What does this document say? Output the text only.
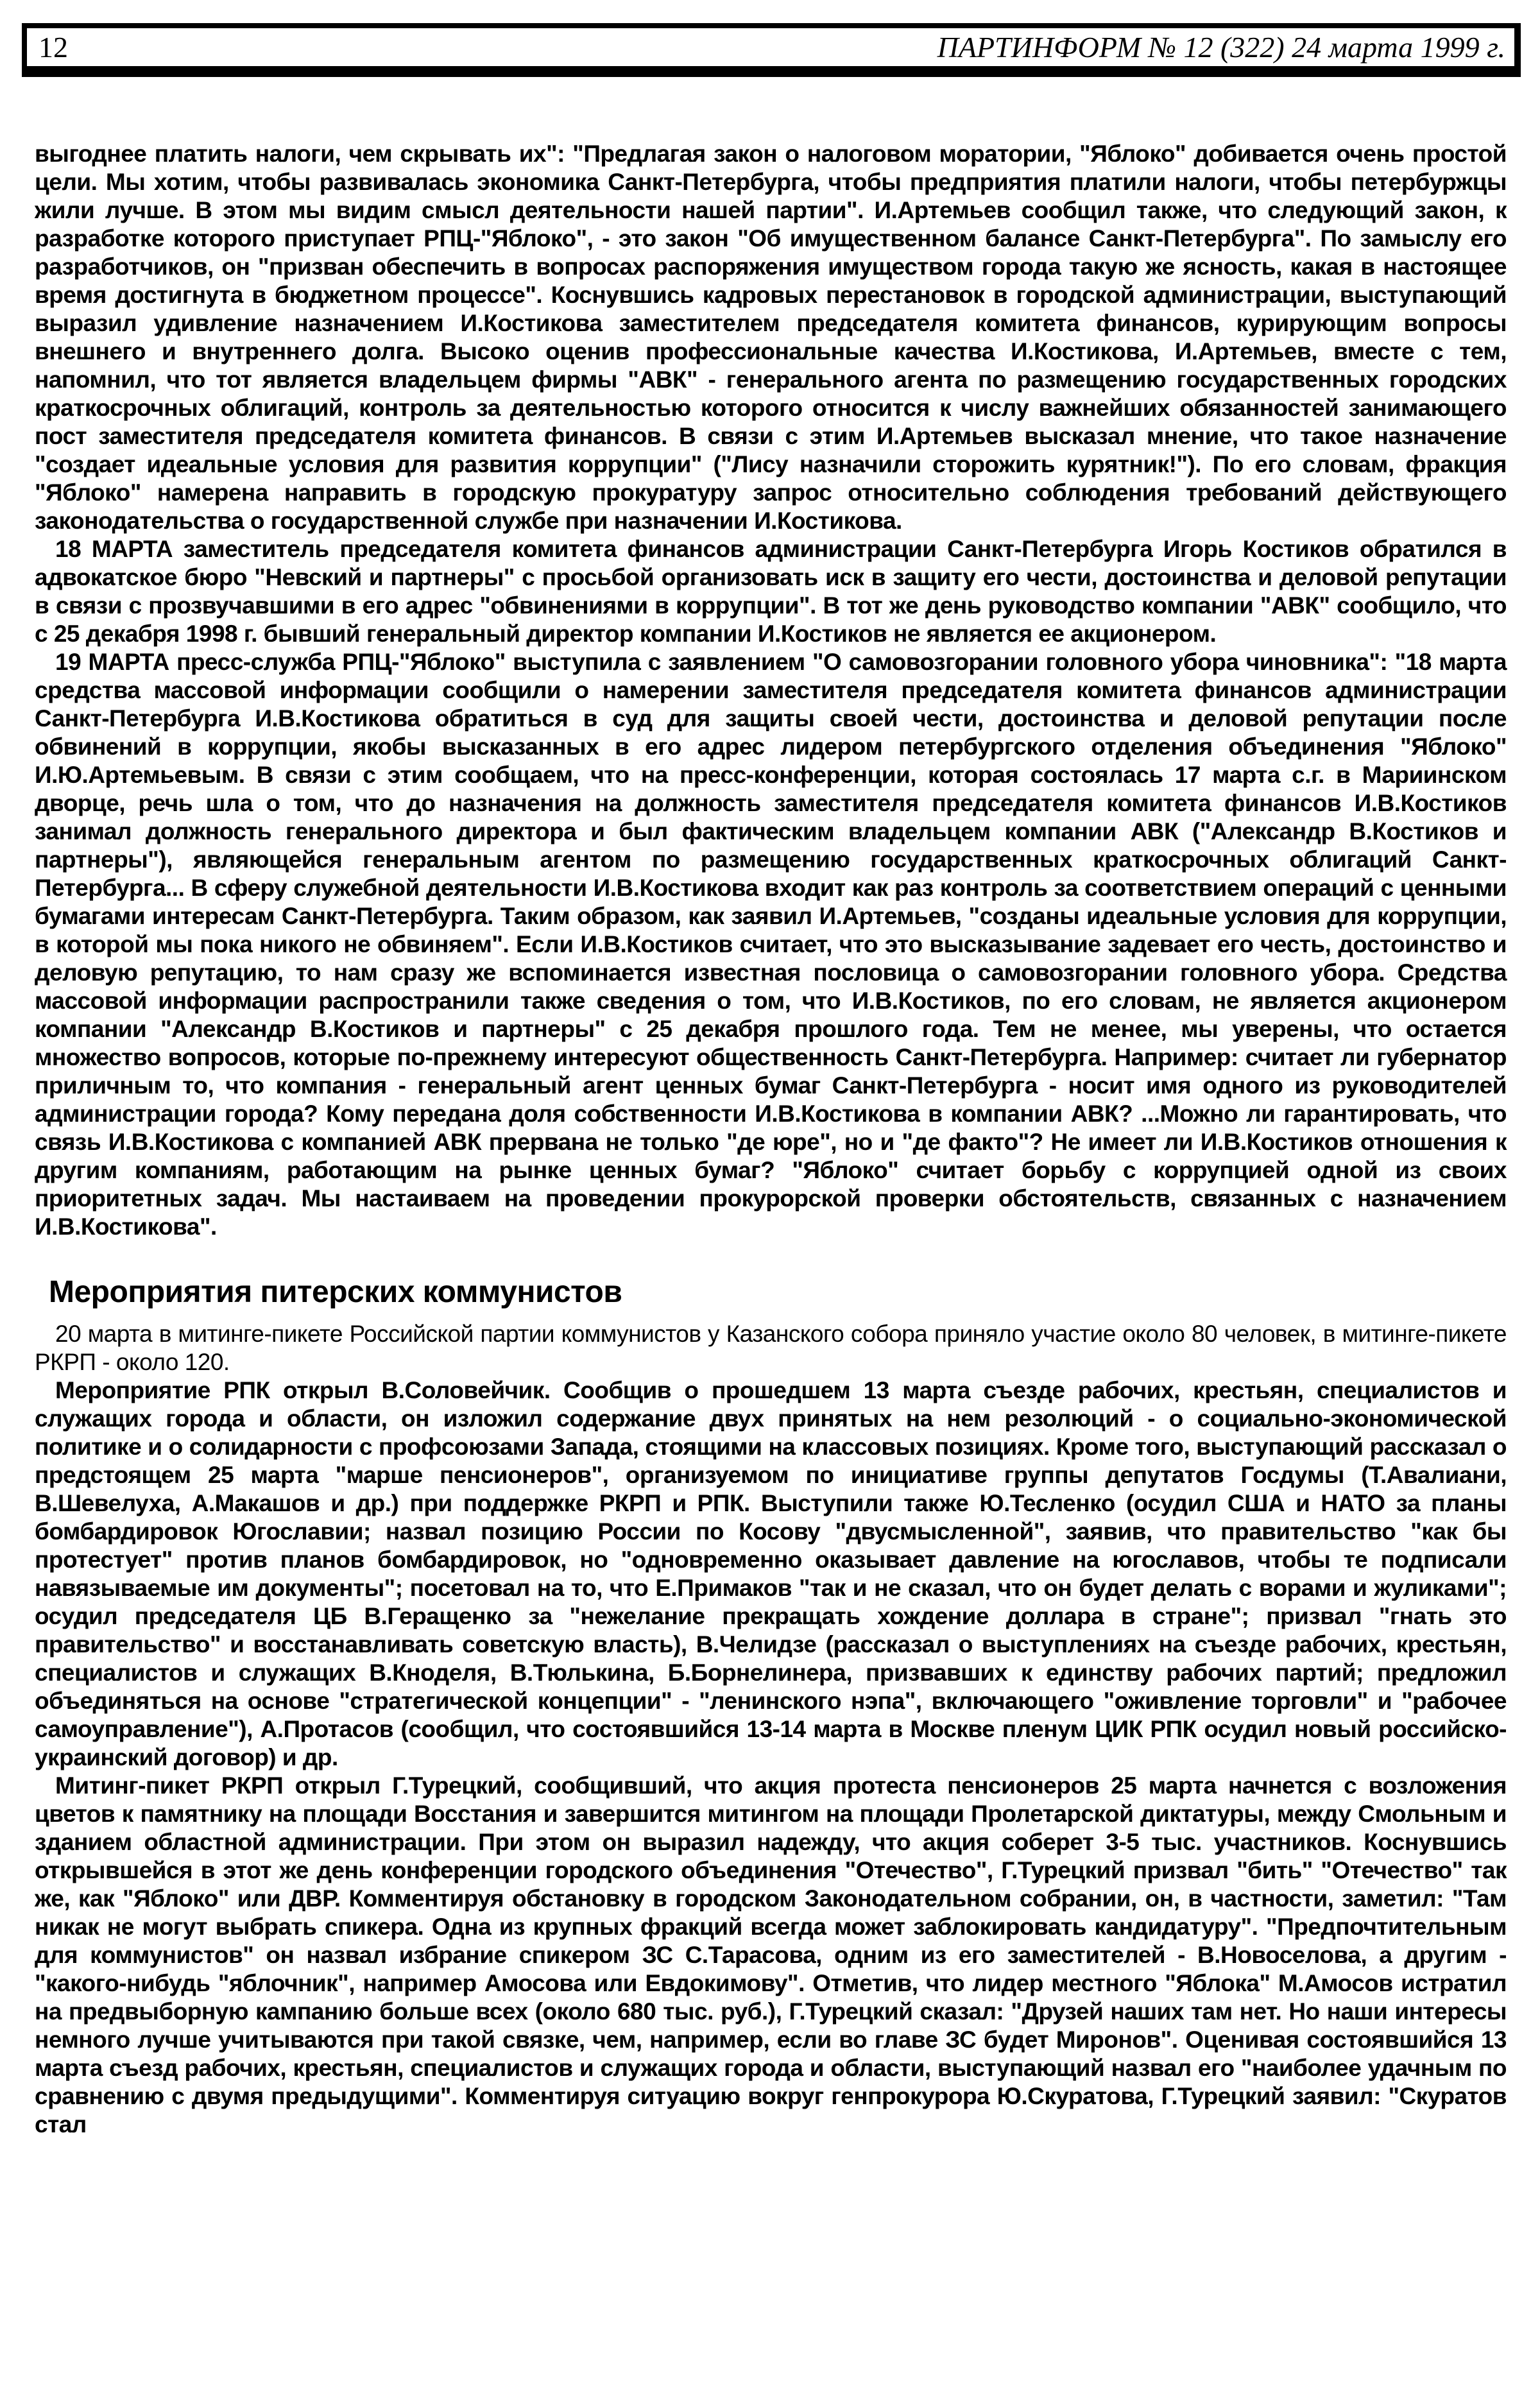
12	ПАРТИНФОРМ № 12 (322) 24 марта 1999 г.

выгоднее платить налоги, чем скрывать их": "Предлагая закон о налоговом моратории, "Яблоко" добивается очень простой цели. Мы хотим, чтобы развивалась экономика Санкт-Петербурга, чтобы предприятия платили налоги, чтобы петербуржцы жили лучше. В этом мы видим смысл деятельности нашей партии". И.Артемьев сообщил также, что следующий закон, к разработке которого приступает РПЦ-"Яблоко", - это закон "Об имущественном балансе Санкт-Петербурга". По замыслу его разработчиков, он "призван обеспечить в вопросах распоряжения имуществом города такую же ясность, какая в настоящее время достигнута в бюджетном процессе". Коснувшись кадровых перестановок в городской администрации, выступающий выразил удивление назначением И.Костикова заместителем председателя комитета финансов, курирующим вопросы внешнего и внутреннего долга. Высоко оценив профессиональные качества И.Костикова, И.Артемьев, вместе с тем, напомнил, что тот является владельцем фирмы "АВК" - генерального агента по размещению государственных городских краткосрочных облигаций, контроль за деятельностью которого относится к числу важнейших обязанностей занимающего пост заместителя председателя комитета финансов. В связи с этим И.Артемьев высказал мнение, что такое назначение "создает идеальные условия для развития коррупции" ("Лису назначили сторожить курятник!"). По его словам, фракция "Яблоко" намерена направить в городскую прокуратуру запрос относительно соблюдения требований действующего законодательства о государственной службе при назначении И.Костикова.

18 МАРТА заместитель председателя комитета финансов администрации Санкт-Петербурга Игорь Костиков обратился в адвокатское бюро "Невский и партнеры" с просьбой организовать иск в защиту его чести, достоинства и деловой репутации в связи с прозвучавшими в его адрес "обвинениями в коррупции". В тот же день руководство компании "АВК" сообщило, что с 25 декабря 1998 г. бывший генеральный директор компании И.Костиков не является ее акционером.

19 МАРТА пресс-служба РПЦ-"Яблоко" выступила с заявлением "О самовозгорании головного убора чиновника": "18 марта средства массовой информации сообщили о намерении заместителя председателя комитета финансов администрации Санкт-Петербурга И.В.Костикова обратиться в суд для защиты своей чести, достоинства и деловой репутации после обвинений в коррупции, якобы высказанных в его адрес лидером петербургского отделения объединения "Яблоко" И.Ю.Артемьевым. В связи с этим сообщаем, что на пресс-конференции, которая состоялась 17 марта с.г. в Мариинском дворце, речь шла о том, что до назначения на должность заместителя председателя комитета финансов И.В.Костиков занимал должность генерального директора и был фактическим владельцем компании АВК ("Александр В.Костиков и партнеры"), являющейся генеральным агентом по размещению государственных краткосрочных облигаций Санкт-Петербурга... В сферу служебной деятельности И.В.Костикова входит как раз контроль за соответствием операций с ценными бумагами интересам Санкт-Петербурга. Таким образом, как заявил И.Артемьев, "созданы идеальные условия для коррупции, в которой мы пока никого не обвиняем". Если И.В.Костиков считает, что это высказывание задевает его честь, достоинство и деловую репутацию, то нам сразу же вспоминается известная пословица о самовозгорании головного убора. Средства массовой информации распространили также сведения о том, что И.В.Костиков, по его словам, не является акционером компании "Александр В.Костиков и партнеры" с 25 декабря прошлого года. Тем не менее, мы уверены, что остается множество вопросов, которые по-прежнему интересуют общественность Санкт-Петербурга. Например: считает ли губернатор приличным то, что компания - генеральный агент ценных бумаг Санкт-Петербурга - носит имя одного из руководителей администрации города? Кому передана доля собственности И.В.Костикова в компании АВК? ...Можно ли гарантировать, что связь И.В.Костикова с компанией АВК прервана не только "де юре", но и "де факто"? Не имеет ли И.В.Костиков отношения к другим компаниям, работающим на рынке ценных бумаг? "Яблоко" считает борьбу с коррупцией одной из своих приоритетных задач. Мы настаиваем на проведении прокурорской проверки обстоятельств, связанных с назначением И.В.Костикова".

Мероприятия питерских коммунистов

20 марта в митинге-пикете Российской партии коммунистов у Казанского собора приняло участие около 80 человек, в митинге-пикете РКРП - около 120.

Мероприятие РПК открыл В.Соловейчик. Сообщив о прошедшем 13 марта съезде рабочих, крестьян, специалистов и служащих города и области, он изложил содержание двух принятых на нем резолюций - о социально-экономической политике и о солидарности с профсоюзами Запада, стоящими на классовых позициях. Кроме того, выступающий рассказал о предстоящем 25 марта "марше пенсионеров", организуемом по инициативе группы депутатов Госдумы (Т.Авалиани, В.Шевелуха, А.Макашов и др.) при поддержке РКРП и РПК. Выступили также Ю.Тесленко (осудил США и НАТО за планы бомбардировок Югославии; назвал позицию России по Косову "двусмысленной", заявив, что правительство "как бы протестует" против планов бомбардировок, но "одновременно оказывает давление на югославов, чтобы те подписали навязываемые им документы"; посетовал на то, что Е.Примаков "так и не сказал, что он будет делать с ворами и жуликами"; осудил председателя ЦБ В.Геращенко за "нежелание прекращать хождение доллара в стране"; призвал "гнать это правительство" и восстанавливать советскую власть), В.Челидзе (рассказал о выступлениях на съезде рабочих, крестьян, специалистов и служащих В.Кноделя, В.Тюлькина, Б.Борнелинера, призвавших к единству рабочих партий; предложил объединяться на основе "стратегической концепции" - "ленинского нэпа", включающего "оживление торговли" и "рабочее самоуправление"), А.Протасов (сообщил, что состоявшийся 13-14 марта в Москве пленум ЦИК РПК осудил новый российско-украинский договор) и др.

Митинг-пикет РКРП открыл Г.Турецкий, сообщивший, что акция протеста пенсионеров 25 марта начнется с возложения цветов к памятнику на площади Восстания и завершится митингом на площади Пролетарской диктатуры, между Смольным и зданием областной администрации. При этом он выразил надежду, что акция соберет 3-5 тыс. участников. Коснувшись открывшейся в этот же день конференции городского объединения "Отечество", Г.Турецкий призвал "бить" "Отечество" так же, как "Яблоко" или ДВР. Комментируя обстановку в городском Законодательном собрании, он, в частности, заметил: "Там никак не могут выбрать спикера. Одна из крупных фракций всегда может заблокировать кандидатуру". "Предпочтительным для коммунистов" он назвал избрание спикером ЗС С.Тарасова, одним из его заместителей - В.Новоселова, а другим - "какого-нибудь "яблочник", например Амосова или Евдокимову". Отметив, что лидер местного "Яблока" М.Амосов истратил на предвыборную кампанию больше всех (около 680 тыс. руб.), Г.Турецкий сказал: "Друзей наших там нет. Но наши интересы немного лучше учитываются при такой связке, чем, например, если во главе ЗС будет Миронов". Оценивая состоявшийся 13 марта съезд рабочих, крестьян, специалистов и служащих города и области, выступающий назвал его "наиболее удачным по сравнению с двумя предыдущими". Комментируя ситуацию вокруг генпрокурора Ю.Скуратова, Г.Турецкий заявил: "Скуратов стал
